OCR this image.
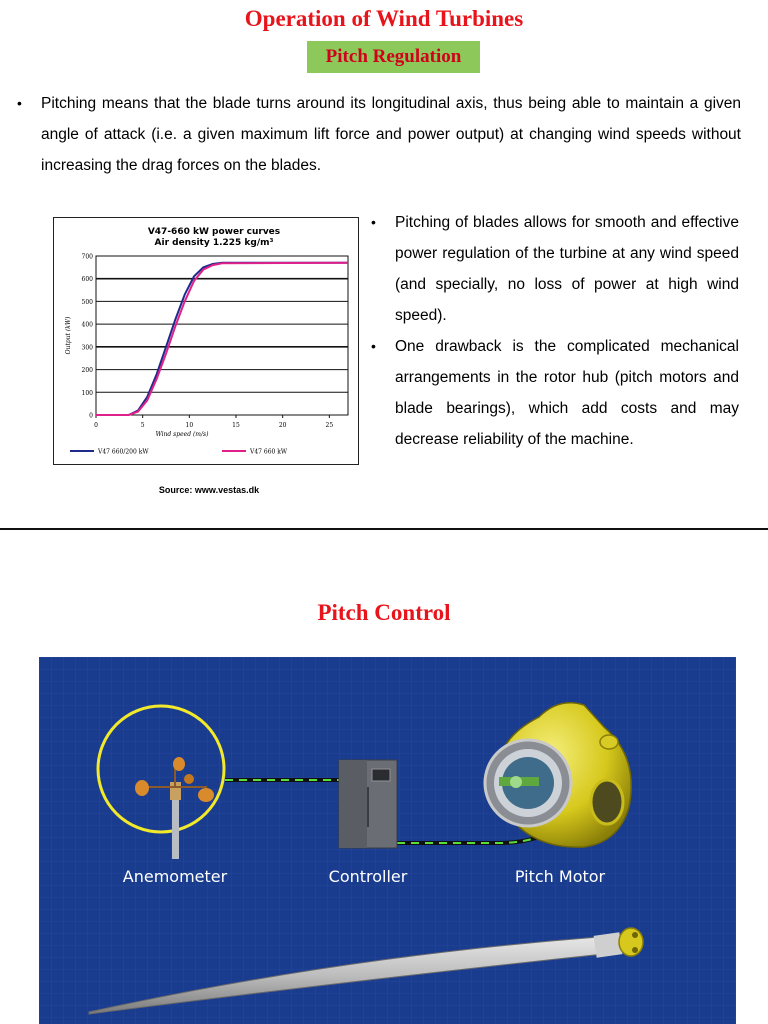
Operation of Wind Turbines
Pitch Regulation
• Pitching means that the blade turns around its longitudinal axis, thus being able to maintain a given angle of attack (i.e. a given maximum lift force and power output) at changing wind speeds without increasing the drag forces on the blades.
V47-660 kW power curves
Air density 1.225 kg/m³
0
100
200
300
400
500
600
700
0	5	10	15	20	25
Wind speed (m/s)
Output (kW)
V47 660/200 kW	V47 660 kW
Source: www.vestas.dk
• Pitching of blades allows for smooth and effective power regulation of the turbine at any wind speed (and specially, no loss of power at high wind speed).
• One drawback is the complicated mechanical arrangements in the rotor hub (pitch motors and blade bearings), which add costs and may decrease reliability of the machine.
Pitch Control
Anemometer	Controller	Pitch Motor
